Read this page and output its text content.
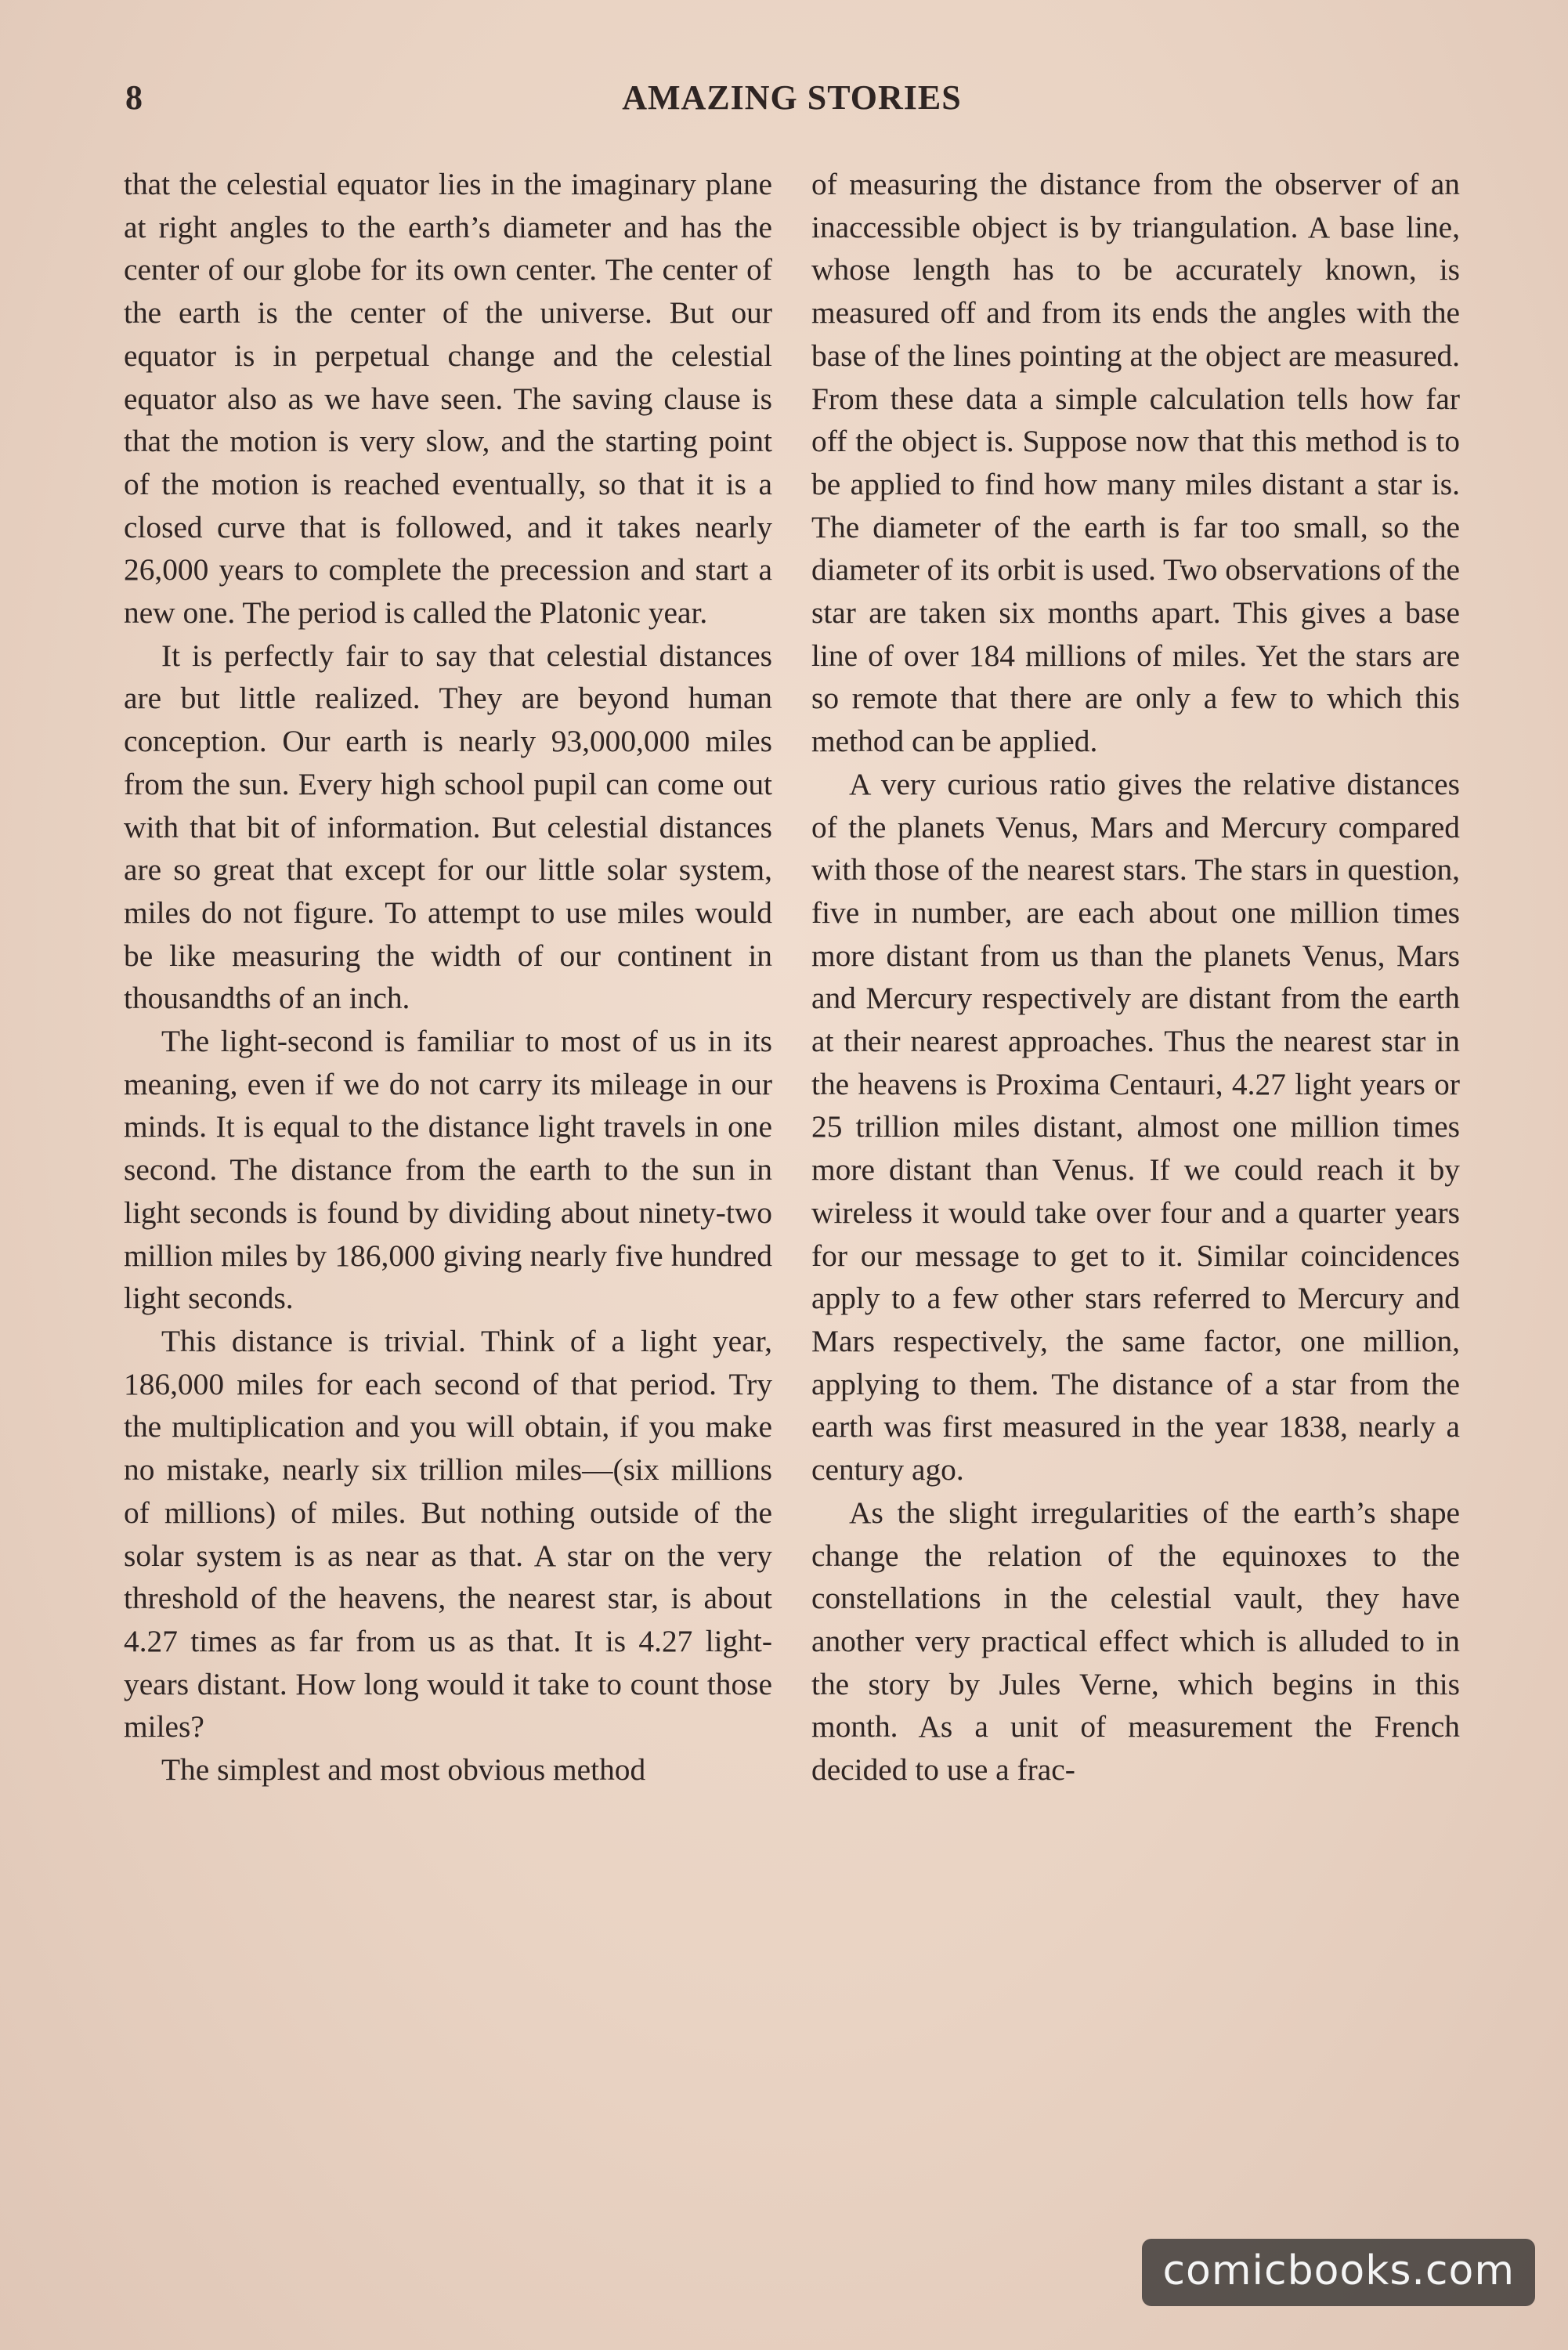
8	AMAZING STORIES

that the celestial equator lies in the imaginary plane at right angles to the earth’s diameter and has the center of our globe for its own center. The center of the earth is the center of the universe. But our equator is in perpetual change and the celestial equator also as we have seen. The saving clause is that the motion is very slow, and the starting point of the motion is reached eventually, so that it is a closed curve that is followed, and it takes nearly 26,000 years to complete the precession and start a new one. The period is called the Platonic year.

It is perfectly fair to say that celestial distances are but little realized. They are beyond human conception. Our earth is nearly 93,000,000 miles from the sun. Every high school pupil can come out with that bit of information. But celestial distances are so great that except for our little solar system, miles do not figure. To attempt to use miles would be like measuring the width of our continent in thousandths of an inch.

The light-second is familiar to most of us in its meaning, even if we do not carry its mileage in our minds. It is equal to the distance light travels in one second. The distance from the earth to the sun in light seconds is found by dividing about ninety-two million miles by 186,000 giving nearly five hundred light seconds.

This distance is trivial. Think of a light year, 186,000 miles for each second of that period. Try the multiplication and you will obtain, if you make no mistake, nearly six trillion miles—(six millions of millions) of miles. But nothing outside of the solar system is as near as that. A star on the very threshold of the heavens, the nearest star, is about 4.27 times as far from us as that. It is 4.27 light-years distant. How long would it take to count those miles?

The simplest and most obvious method

of measuring the distance from the observer of an inaccessible object is by triangulation. A base line, whose length has to be accurately known, is measured off and from its ends the angles with the base of the lines pointing at the object are measured. From these data a simple calculation tells how far off the object is. Suppose now that this method is to be applied to find how many miles distant a star is. The diameter of the earth is far too small, so the diameter of its orbit is used. Two observations of the star are taken six months apart. This gives a base line of over 184 millions of miles. Yet the stars are so remote that there are only a few to which this method can be applied.

A very curious ratio gives the relative distances of the planets Venus, Mars and Mercury compared with those of the nearest stars. The stars in question, five in number, are each about one million times more distant from us than the planets Venus, Mars and Mercury respectively are distant from the earth at their nearest approaches. Thus the nearest star in the heavens is Proxima Centauri, 4.27 light years or 25 trillion miles distant, almost one million times more distant than Venus. If we could reach it by wireless it would take over four and a quarter years for our message to get to it. Similar coincidences apply to a few other stars referred to Mercury and Mars respectively, the same factor, one million, applying to them. The distance of a star from the earth was first measured in the year 1838, nearly a century ago.

As the slight irregularities of the earth’s shape change the relation of the equinoxes to the constellations in the celestial vault, they have another very practical effect which is alluded to in the story by Jules Verne, which begins in this month. As a unit of measurement the French decided to use a frac-

comicbooks.com
